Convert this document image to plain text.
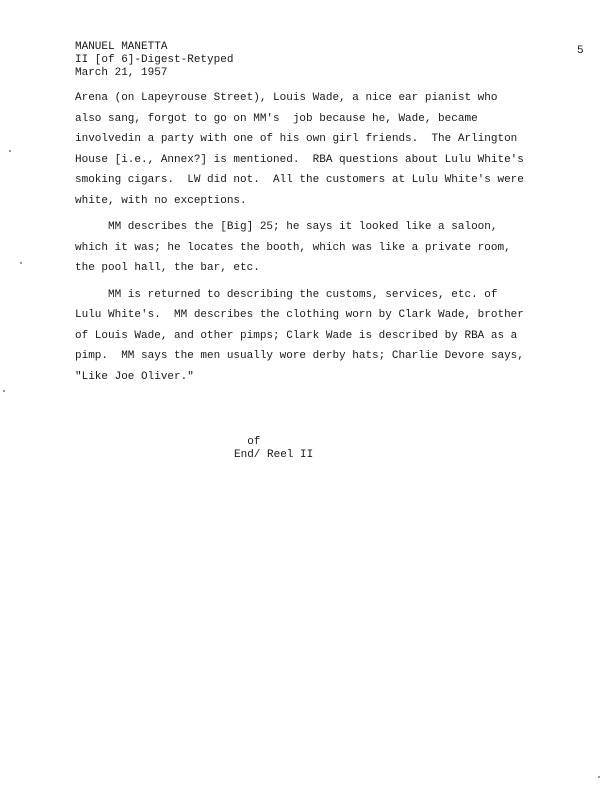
5
MANUEL MANETTA
II [of 6]-Digest-Retyped
March 21, 1957
Arena (on Lapeyrouse Street), Louis Wade, a nice ear pianist who
also sang, forgot to go on MM's  job because he, Wade, became
involvedin a party with one of his own girl friends.  The Arlington
House [i.e., Annex?] is mentioned.  RBA questions about Lulu White's
smoking cigars.  LW did not.  All the customers at Lulu White's were
white, with no exceptions.
MM describes the [Big] 25; he says it looked like a saloon,
which it was; he locates the booth, which was like a private room,
the pool hall, the bar, etc.
MM is returned to describing the customs, services, etc. of
Lulu White's.  MM describes the clothing worn by Clark Wade, brother
of Louis Wade, and other pimps; Clark Wade is described by RBA as a
pimp.  MM says the men usually wore derby hats; Charlie Devore says,
"Like Joe Oliver."
of
End/ Reel II
